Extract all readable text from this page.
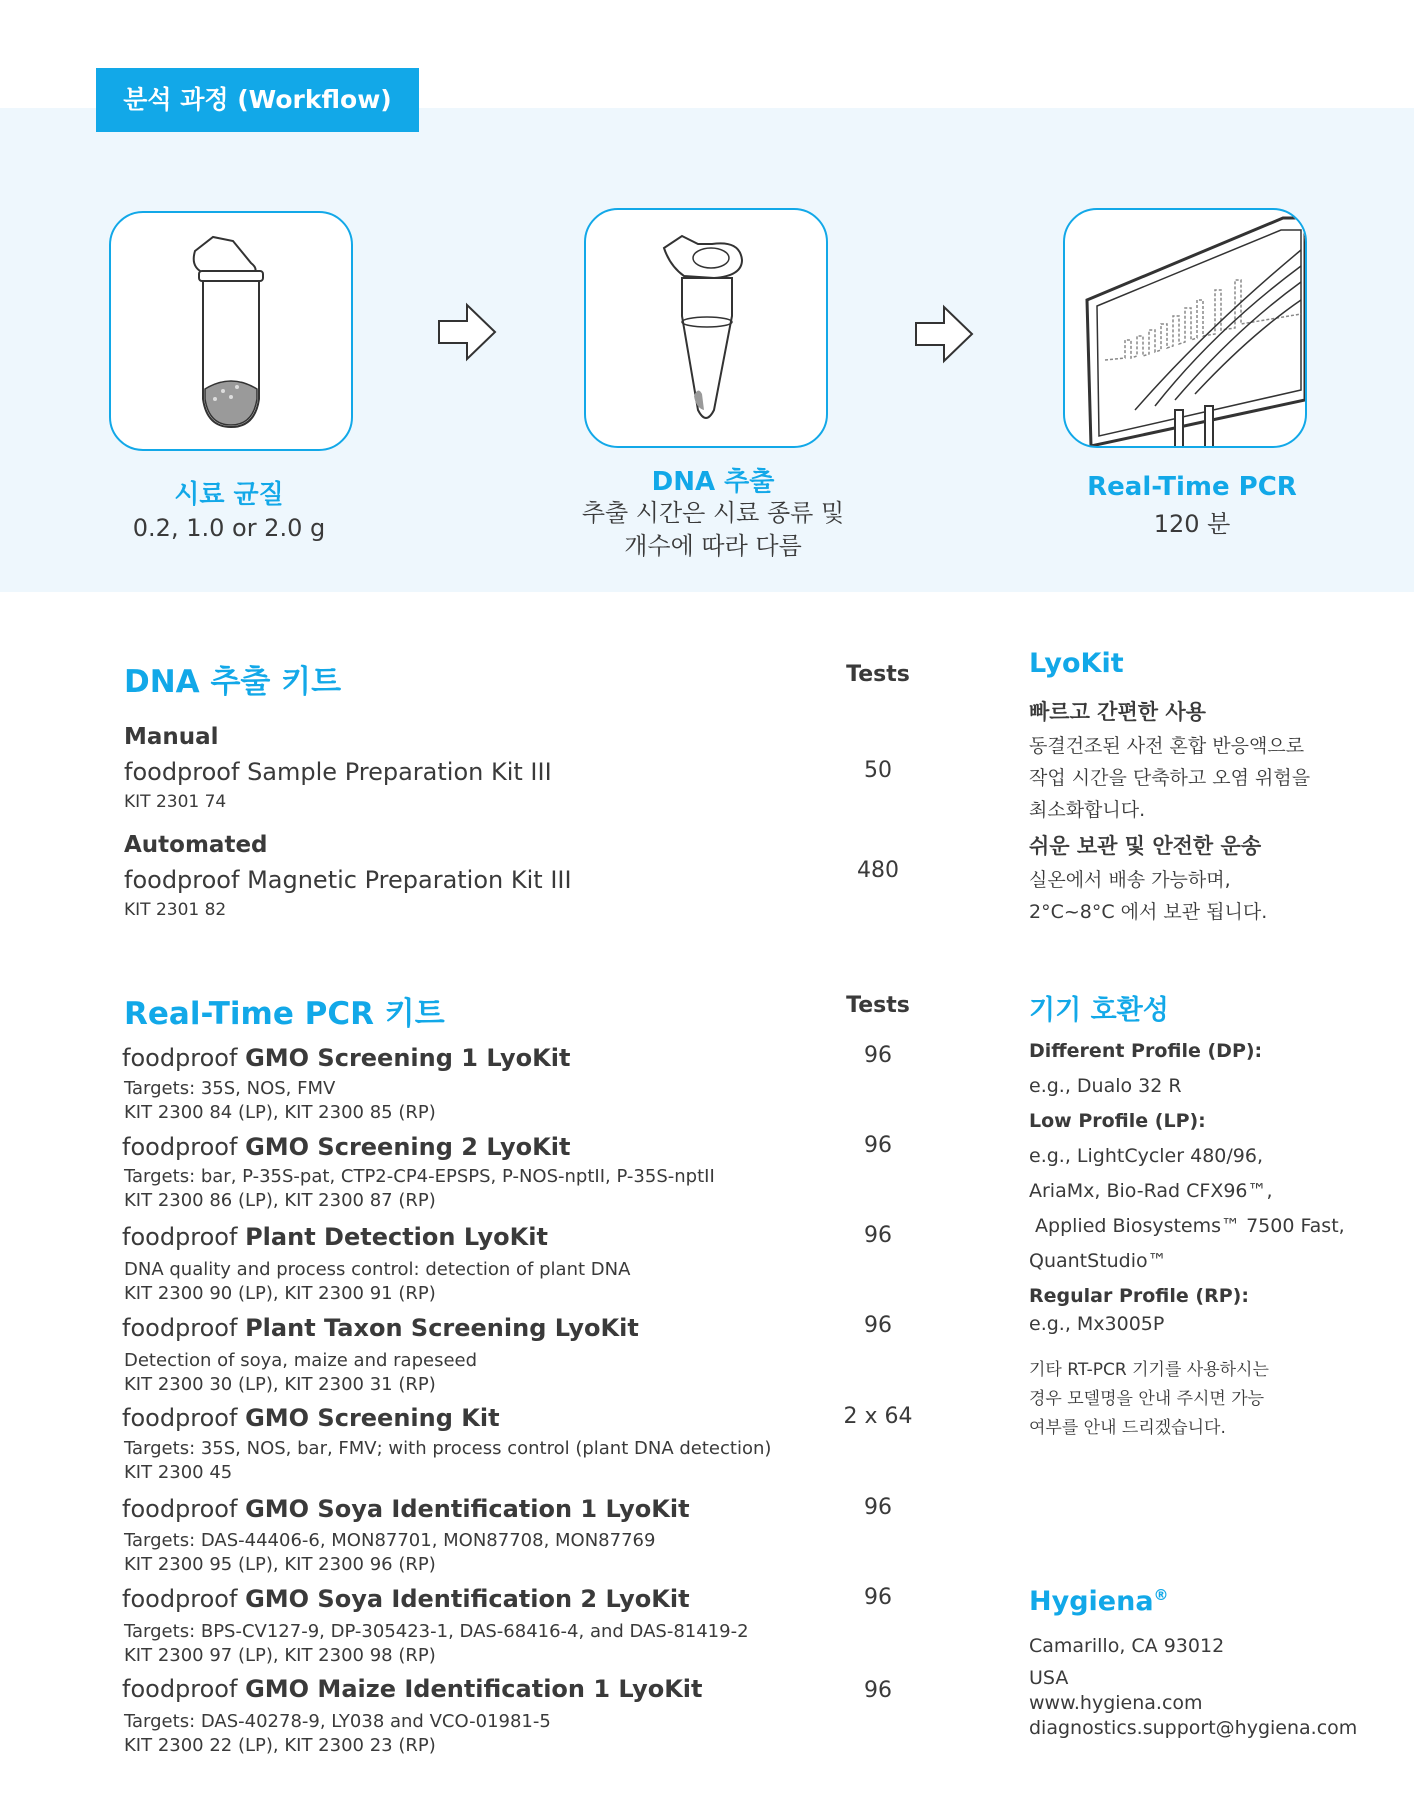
분석 과정 (Workflow)
시료 균질
0.2, 1.0 or 2.0 g
DNA 추출
추출 시간은 시료 종류 및
개수에 따라 다름
Real-Time PCR
120 분
DNA 추출 키트	Tests
Manual
foodproof Sample Preparation Kit III
KIT 2301 74
50
Automated
foodproof Magnetic Preparation Kit III
KIT 2301 82
480
Real-Time PCR 키트	Tests
foodproof GMO Screening 1 LyoKit
Targets: 35S, NOS, FMV
KIT 2300 84 (LP), KIT 2300 85 (RP)
96
foodproof GMO Screening 2 LyoKit
Targets: bar, P-35S-pat, CTP2-CP4-EPSPS, P-NOS-nptII, P-35S-nptII
KIT 2300 86 (LP), KIT 2300 87 (RP)
96
foodproof Plant Detection LyoKit
DNA quality and process control: detection of plant DNA
KIT 2300 90 (LP), KIT 2300 91 (RP)
96
foodproof Plant Taxon Screening LyoKit
Detection of soya, maize and rapeseed
KIT 2300 30 (LP), KIT 2300 31 (RP)
96
foodproof GMO Screening Kit
Targets: 35S, NOS, bar, FMV; with process control (plant DNA detection)
KIT 2300 45
2 x 64
foodproof GMO Soya Identification 1 LyoKit
Targets: DAS-44406-6, MON87701, MON87708, MON87769
KIT 2300 95 (LP), KIT 2300 96 (RP)
96
foodproof GMO Soya Identification 2 LyoKit
Targets: BPS-CV127-9, DP-305423-1, DAS-68416-4, and DAS-81419-2
KIT 2300 97 (LP), KIT 2300 98 (RP)
96
foodproof GMO Maize Identification 1 LyoKit
Targets: DAS-40278-9, LY038 and VCO-01981-5
KIT 2300 22 (LP), KIT 2300 23 (RP)
96
LyoKit
빠르고 간편한 사용
동결건조된 사전 혼합 반응액으로
작업 시간을 단축하고 오염 위험을
최소화합니다.
쉬운 보관 및 안전한 운송
실온에서 배송 가능하며,
2°C~8°C 에서 보관 됩니다.
기기 호환성
Different Profile (DP):
e.g., Dualo 32 R
Low Profile (LP):
e.g., LightCycler 480/96,
AriaMx, Bio-Rad CFX96™,
Applied Biosystems™ 7500 Fast,
QuantStudio™
Regular Profile (RP):
e.g., Mx3005P
기타 RT-PCR 기기를 사용하시는
경우 모델명을 안내 주시면 가능
여부를 안내 드리겠습니다.
Hygiena®
Camarillo, CA 93012
USA
www.hygiena.com
diagnostics.support@hygiena.com
